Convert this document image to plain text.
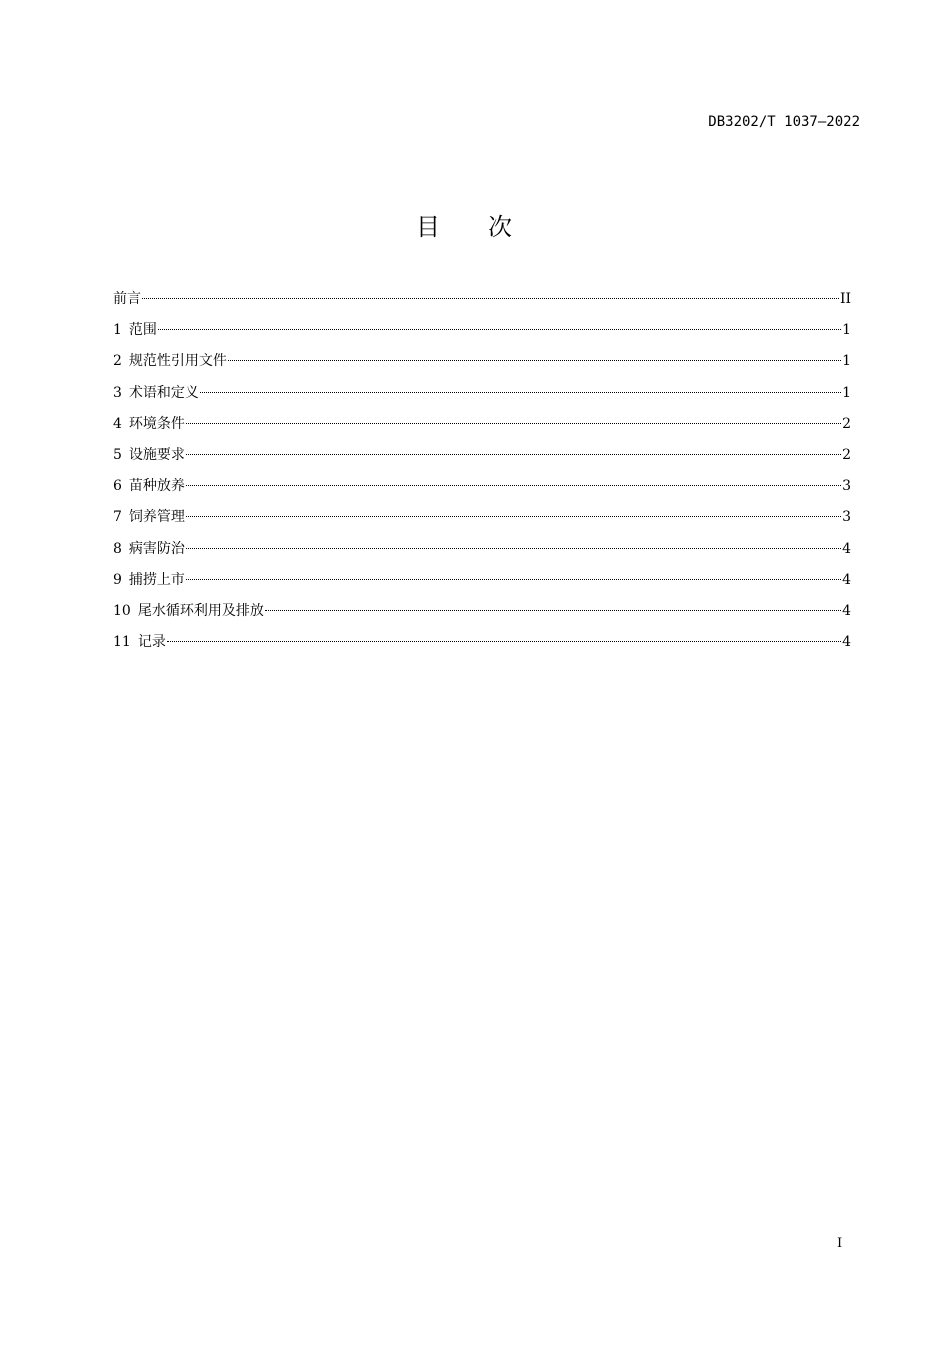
DB3202/T 1037—2022
目次
前言	II
1 范围	1
2 规范性引用文件	1
3 术语和定义	1
4 环境条件	2
5 设施要求	2
6 苗种放养	3
7 饲养管理	3
8 病害防治	4
9 捕捞上市	4
10 尾水循环利用及排放	4
11 记录	4
I
